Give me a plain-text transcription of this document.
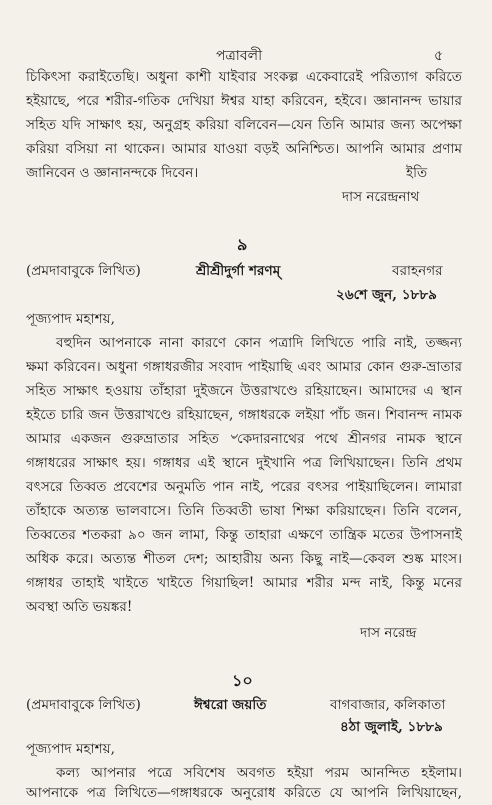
পত্রাবলী	৫
চিকিৎসা করাইতেছি। অধুনা কাশী যাইবার সংকল্প একেবারেই পরিত্যাগ করিতে
হইয়াছে, পরে শরীর-গতিক দেখিয়া ঈশ্বর যাহা করিবেন, হইবে। জ্ঞানানন্দ ভায়ার
সহিত যদি সাক্ষাৎ হয়, অনুগ্রহ করিয়া বলিবেন—যেন তিনি আমার জন্য অপেক্ষা
করিয়া বসিয়া না থাকেন। আমার যাওয়া বড়ই অনিশ্চিত। আপনি আমার প্রণাম
জানিবেন ও জ্ঞানানন্দকে দিবেন।	ইতি
দাস নরেন্দ্রনাথ
৯
(প্রমদাবাবুকে লিখিত)	শ্রীশ্রীদুর্গা শরণম্	বরাহনগর
২৬শে জুন, ১৮৮৯
পূজ্যপাদ মহাশয়,
বহুদিন আপনাকে নানা কারণে কোন পত্রাদি লিখিতে পারি নাই, তজ্জন্য
ক্ষমা করিবেন। অধুনা গঙ্গাধরজীর সংবাদ পাইয়াছি এবং আমার কোন গুরু-ভ্রাতার
সহিত সাক্ষাৎ হওয়ায় তাঁহারা দুইজনে উত্তরাখণ্ডে রহিয়াছেন। আমাদের এ স্থান
হইতে চারি জন উত্তরাখণ্ডে রহিয়াছেন, গঙ্গাধরকে লইয়া পাঁচ জন। শিবানন্দ নামক
আমার একজন গুরুভ্রাতার সহিত ৺কেদারনাথের পথে শ্রীনগর নামক স্থানে
গঙ্গাধরের সাক্ষাৎ হয়। গঙ্গাধর এই স্থানে দুইখানি পত্র লিখিয়াছেন। তিনি প্রথম
বৎসরে তিব্বত প্রবেশের অনুমতি পান নাই, পরের বৎসর পাইয়াছিলেন। লামারা
তাঁহাকে অত্যন্ত ভালবাসে। তিনি তিব্বতী ভাষা শিক্ষা করিয়াছেন। তিনি বলেন,
তিব্বতের শতকরা ৯০ জন লামা, কিন্তু তাহারা এক্ষণে তান্ত্রিক মতের উপাসনাই
অধিক করে। অত্যন্ত শীতল দেশ; আহারীয় অন্য কিছু নাই—কেবল শুষ্ক মাংস।
গঙ্গাধর তাহাই খাইতে খাইতে গিয়াছিল! আমার শরীর মন্দ নাই, কিন্তু মনের
অবস্থা অতি ভয়ঙ্কর!
দাস নরেন্দ্র
১০
(প্রমদাবাবুকে লিখিত)	ঈশ্বরো জয়তি	বাগবাজার, কলিকাতা
৪ঠা জুলাই, ১৮৮৯
পূজ্যপাদ মহাশয়,
কল্য আপনার পত্রে সবিশেষ অবগত হইয়া পরম আনন্দিত হইলাম।
আপনাকে পত্র লিখিতে—গঙ্গাধরকে অনুরোধ করিতে যে আপনি লিখিয়াছেন,
